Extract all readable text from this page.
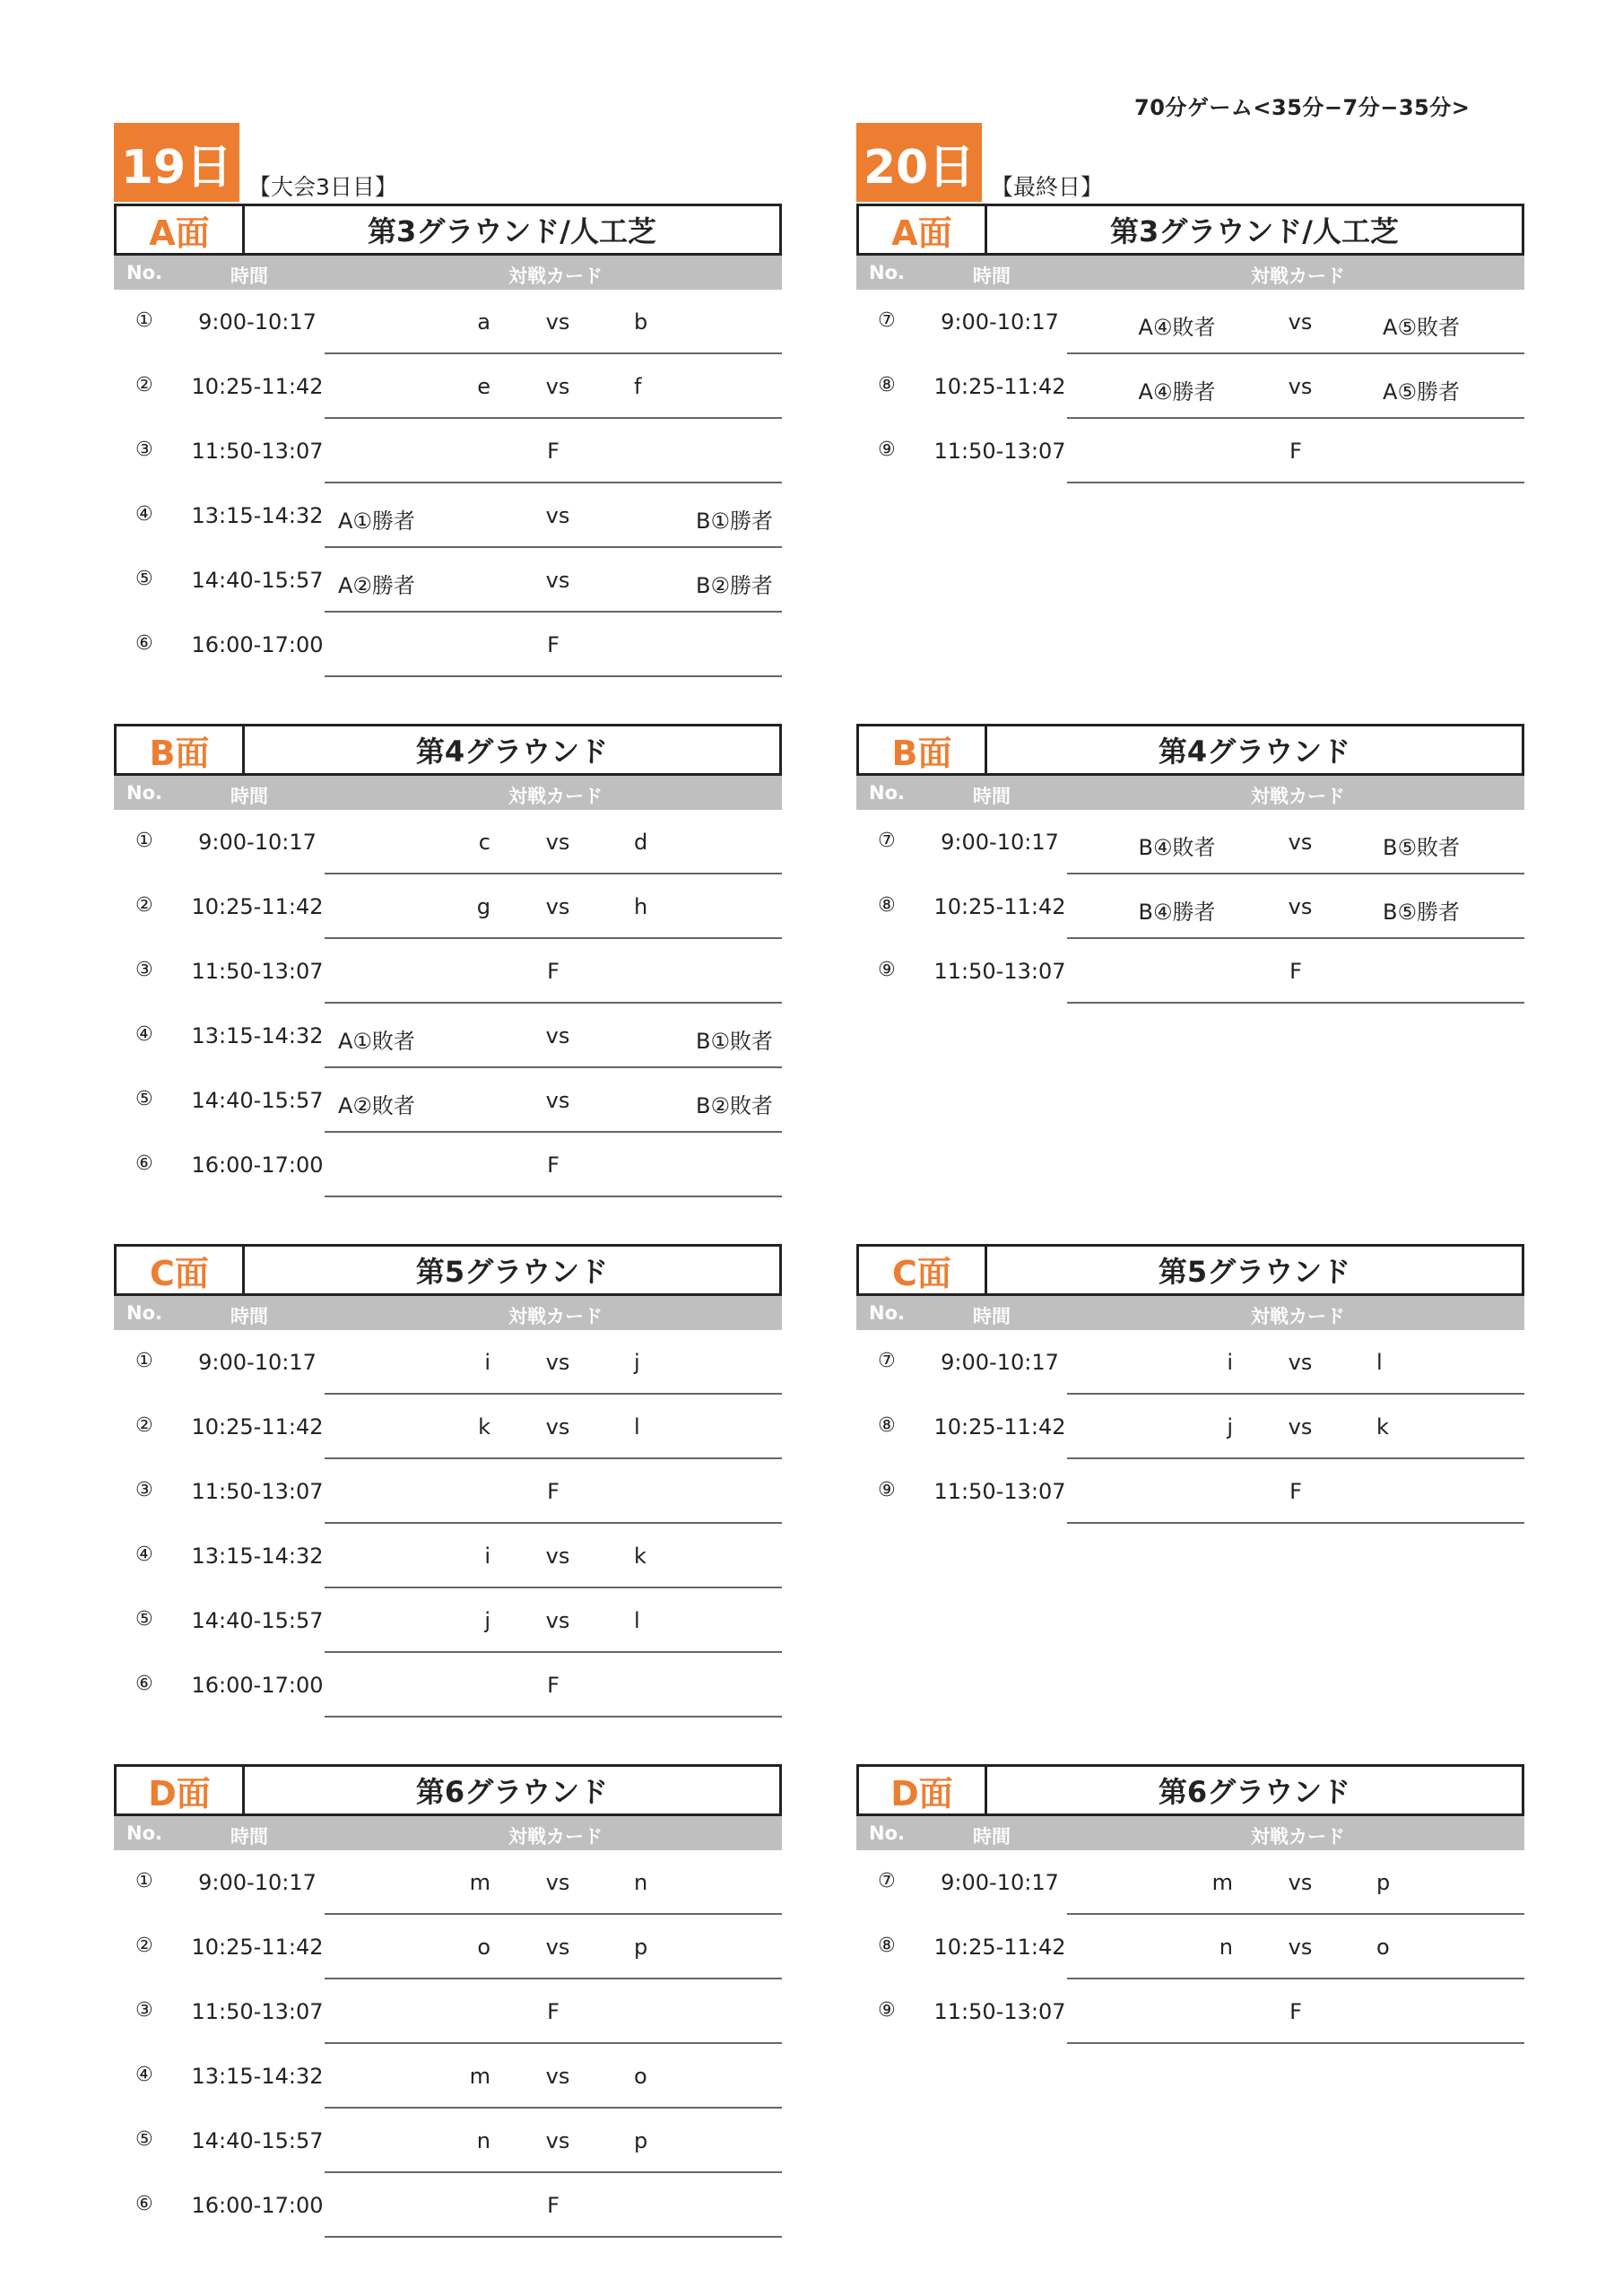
70分ゲーム<35分−7分−35分>
19日 【大会3日目】
A面	第3グラウンド/人工芝
No.	時間	対戦カード
①	9:00-10:17	a	vs	b
② 10:25-11:42	e	vs	f
③ 11:50-13:07	F
④ 13:15-14:32 A①勝者	vs	B①勝者
⑤ 14:40-15:57 A②勝者	vs	B②勝者
⑥ 16:00-17:00	F
B面	第4グラウンド
No.	時間	対戦カード
①	9:00-10:17	c	vs	d
② 10:25-11:42	g	vs	h
③ 11:50-13:07	F
④ 13:15-14:32 A①敗者	vs	B①敗者
⑤ 14:40-15:57 A②敗者	vs	B②敗者
⑥ 16:00-17:00	F
C面	第5グラウンド
No.	時間	対戦カード
①	9:00-10:17	i	vs	j
② 10:25-11:42	k	vs	l
③ 11:50-13:07	F
④ 13:15-14:32	i	vs	k
⑤ 14:40-15:57	j	vs	l
⑥ 16:00-17:00	F
D面	第6グラウンド
No.	時間	対戦カード
①	9:00-10:17	m	vs	n
② 10:25-11:42	o	vs	p
③ 11:50-13:07	F
④ 13:15-14:32	m	vs	o
⑤ 14:40-15:57	n	vs	p
⑥ 16:00-17:00	F
20日 【最終日】
A面	第3グラウンド/人工芝
No.	時間	対戦カード
⑦	9:00-10:17	A④敗者	vs	A⑤敗者
⑧ 10:25-11:42	A④勝者	vs	A⑤勝者
⑨ 11:50-13:07	F
B面	第4グラウンド
No.	時間	対戦カード
⑦	9:00-10:17	B④敗者	vs	B⑤敗者
⑧ 10:25-11:42	B④勝者	vs	B⑤勝者
⑨ 11:50-13:07	F
C面	第5グラウンド
No.	時間	対戦カード
⑦	9:00-10:17	i	vs	l
⑧ 10:25-11:42	j	vs	k
⑨ 11:50-13:07	F
D面	第6グラウンド
No.	時間	対戦カード
⑦	9:00-10:17	m	vs	p
⑧ 10:25-11:42	n	vs	o
⑨ 11:50-13:07	F
